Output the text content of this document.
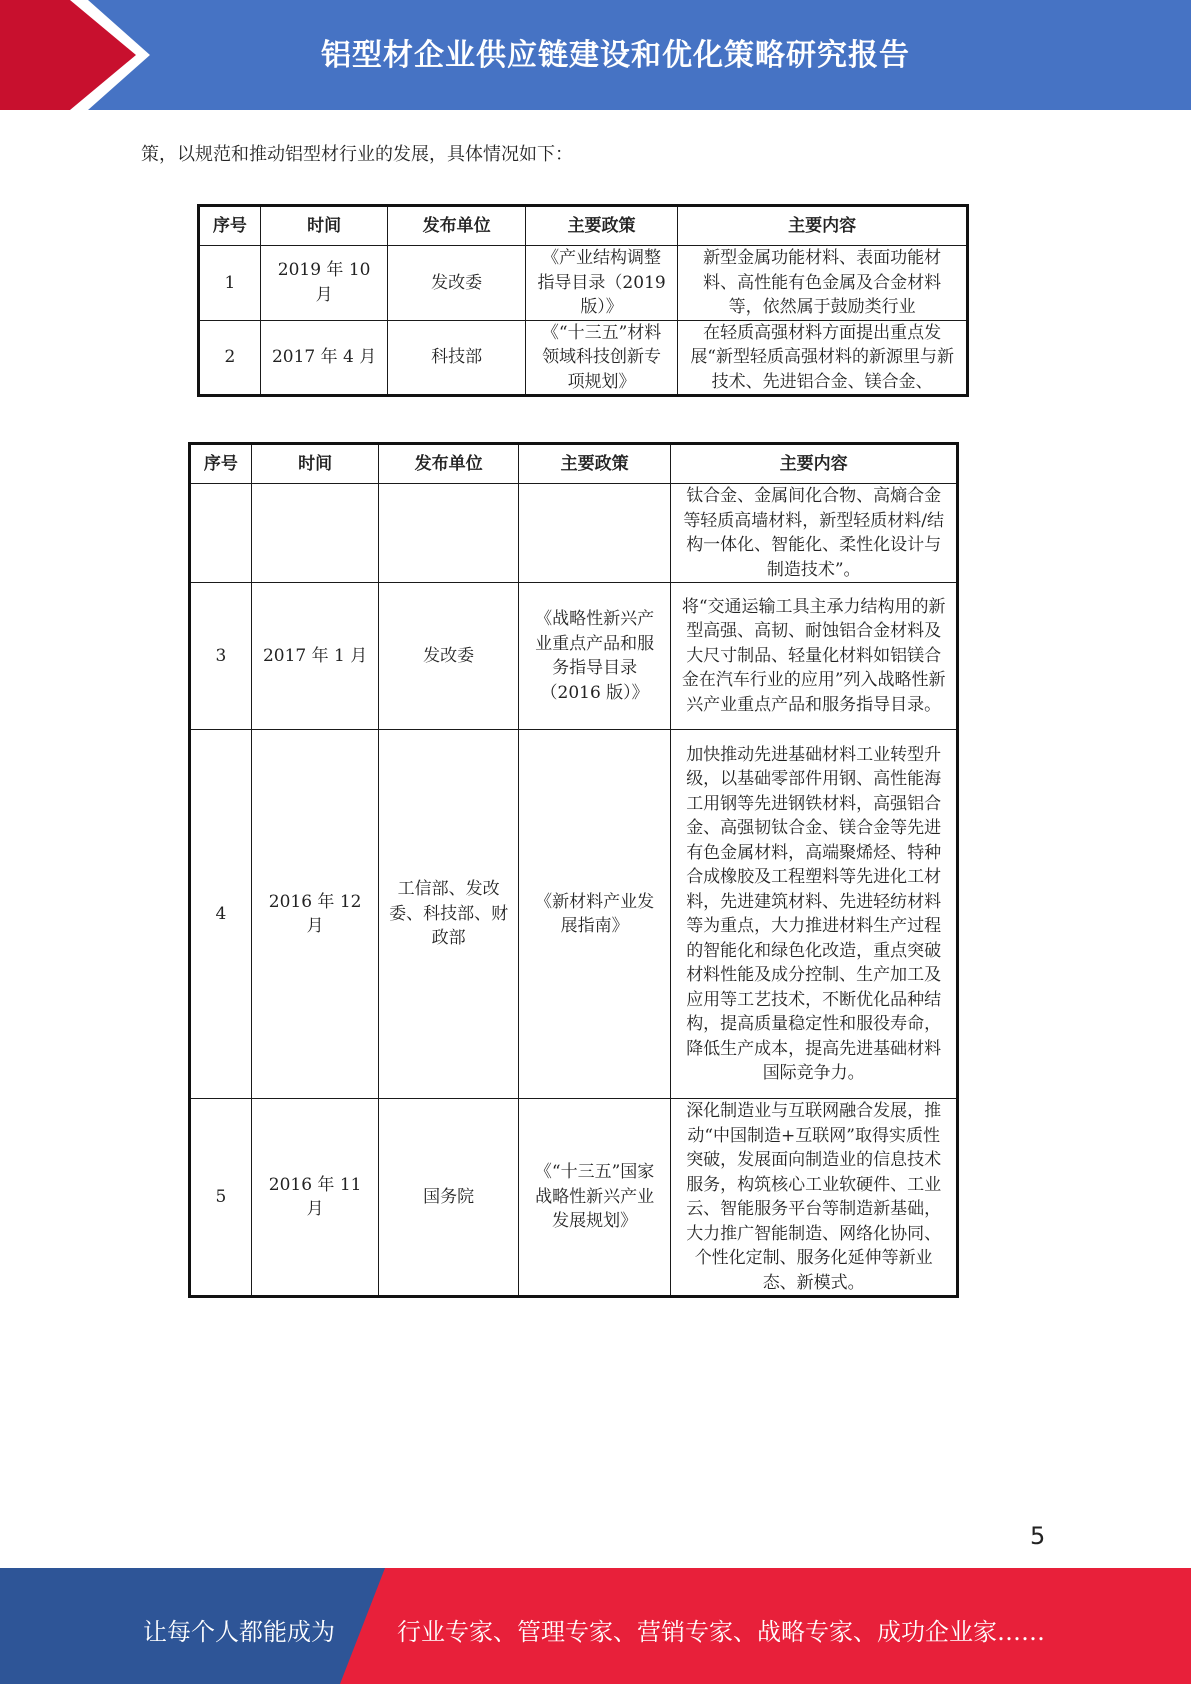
铝型材企业供应链建设和优化策略研究报告
策，以规范和推动铝型材行业的发展，具体情况如下：
序号	时间	发布单位	主要政策	主要内容
1	2019 年 10 月	发改委	《产业结构调整指导目录（2019版）》	新型金属功能材料、表面功能材料、高性能有色金属及合金材料等，依然属于鼓励类行业
2	2017 年 4 月	科技部	《“十三五”材料领域科技创新专项规划》	在轻质高强材料方面提出重点发展“新型轻质高强材料的新源里与新技术、先进铝合金、镁合金、
序号	时间	发布单位	主要政策	主要内容
				钛合金、金属间化合物、高熵合金等轻质高墙材料，新型轻质材料/结构一体化、智能化、柔性化设计与制造技术”。
3	2017 年 1 月	发改委	《战略性新兴产业重点产品和服务指导目录（2016 版）》	将“交通运输工具主承力结构用的新型高强、高韧、耐蚀铝合金材料及大尺寸制品、轻量化材料如铝镁合金在汽车行业的应用”列入战略性新兴产业重点产品和服务指导目录。
4	2016 年 12 月	工信部、发改委、科技部、财政部	《新材料产业发展指南》	加快推动先进基础材料工业转型升级，以基础零部件用钢、高性能海工用钢等先进钢铁材料，高强铝合金、高强韧钛合金、镁合金等先进有色金属材料，高端聚烯烃、特种合成橡胶及工程塑料等先进化工材料，先进建筑材料、先进轻纺材料等为重点，大力推进材料生产过程的智能化和绿色化改造，重点突破材料性能及成分控制、生产加工及应用等工艺技术，不断优化品种结构，提高质量稳定性和服役寿命，降低生产成本，提高先进基础材料国际竞争力。
5	2016 年 11 月	国务院	《“十三五”国家战略性新兴产业发展规划》	深化制造业与互联网融合发展，推动“中国制造+互联网”取得实质性突破，发展面向制造业的信息技术服务，构筑核心工业软硬件、工业云、智能服务平台等制造新基础，大力推广智能制造、网络化协同、个性化定制、服务化延伸等新业态、新模式。
5
让每个人都能成为	行业专家、管理专家、营销专家、战略专家、成功企业家……
